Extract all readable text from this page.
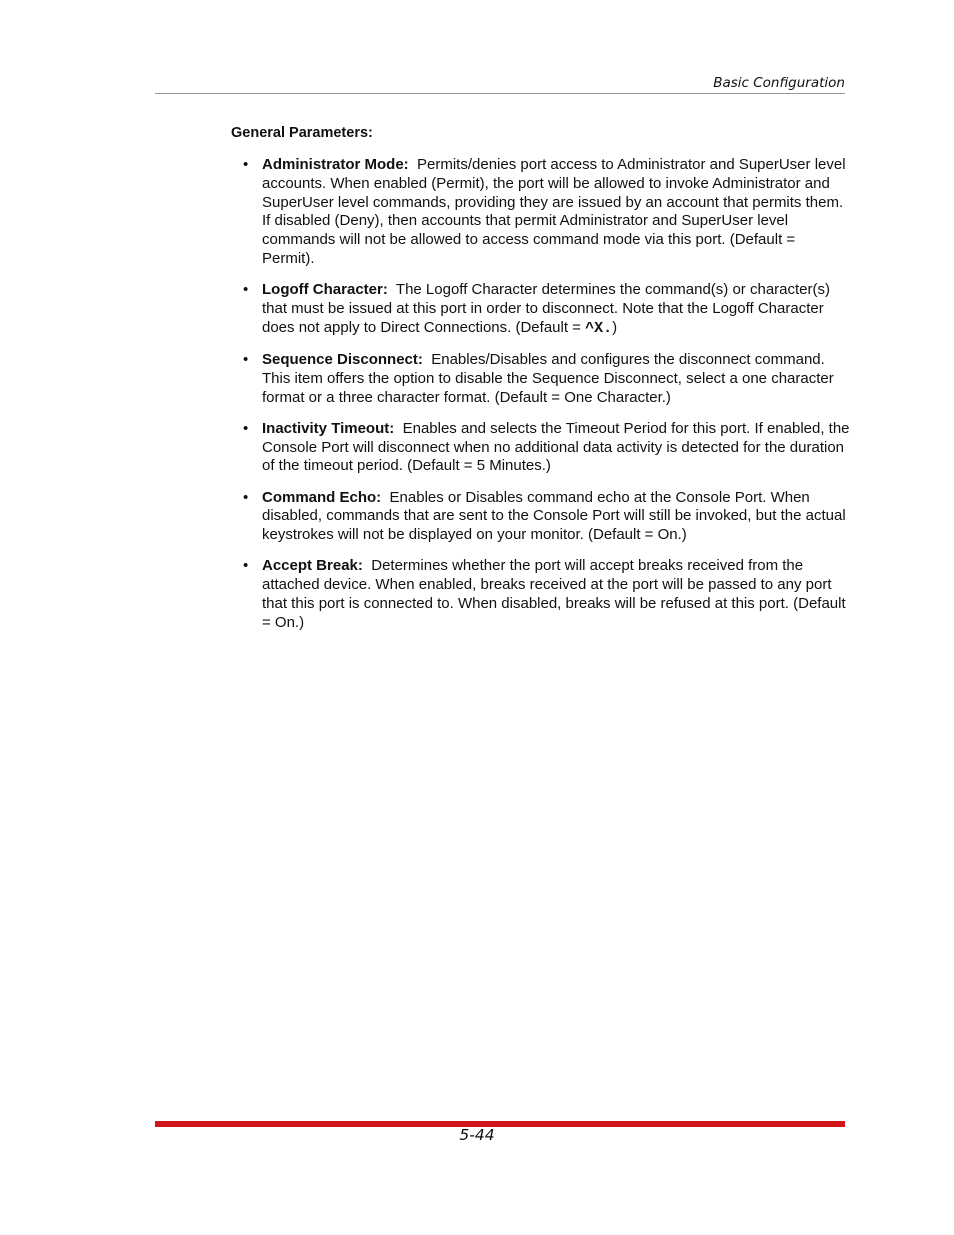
Basic Configuration

General Parameters:

• Administrator Mode: Permits/denies port access to Administrator and SuperUser level accounts. When enabled (Permit), the port will be allowed to invoke Administrator and SuperUser level commands, providing they are issued by an account that permits them. If disabled (Deny), then accounts that permit Administrator and SuperUser level commands will not be allowed to access command mode via this port. (Default = Permit).
• Logoff Character: The Logoff Character determines the command(s) or character(s) that must be issued at this port in order to disconnect. Note that the Logoff Character does not apply to Direct Connections. (Default = ^X.)
• Sequence Disconnect: Enables/Disables and configures the disconnect command. This item offers the option to disable the Sequence Disconnect, select a one character format or a three character format. (Default = One Character.)
• Inactivity Timeout: Enables and selects the Timeout Period for this port. If enabled, the Console Port will disconnect when no additional data activity is detected for the duration of the timeout period. (Default = 5 Minutes.)
• Command Echo: Enables or Disables command echo at the Console Port. When disabled, commands that are sent to the Console Port will still be invoked, but the actual keystrokes will not be displayed on your monitor. (Default = On.)
• Accept Break: Determines whether the port will accept breaks received from the attached device. When enabled, breaks received at the port will be passed to any port that this port is connected to. When disabled, breaks will be refused at this port. (Default = On.)
5-44
